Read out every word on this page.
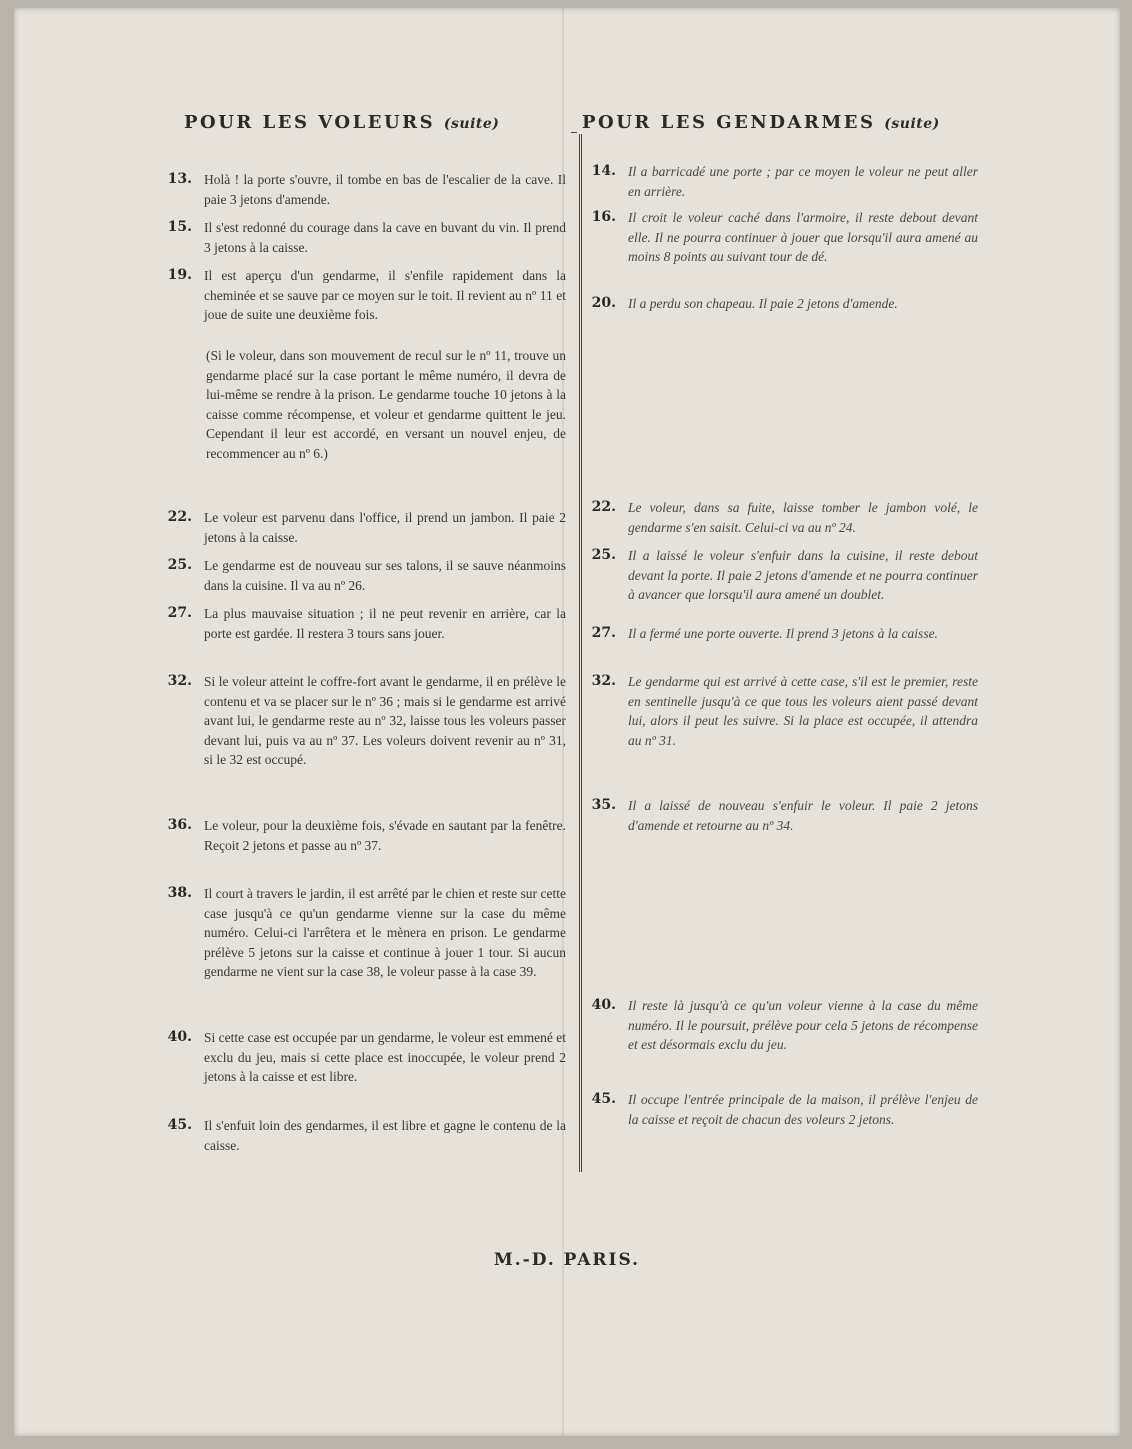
POUR LES VOLEURS (suite)
13. Holà ! la porte s'ouvre, il tombe en bas de l'escalier de la cave. Il paie 3 jetons d'amende.
15. Il s'est redonné du courage dans la cave en buvant du vin. Il prend 3 jetons à la caisse.
19. Il est aperçu d'un gendarme, il s'enfile rapidement dans la cheminée et se sauve par ce moyen sur le toit. Il revient au nº 11 et joue de suite une deuxième fois.
(Si le voleur, dans son mouvement de recul sur le nº 11, trouve un gendarme placé sur la case portant le même numéro, il devra de lui-même se rendre à la prison. Le gendarme touche 10 jetons à la caisse comme récompense, et voleur et gendarme quittent le jeu. Cependant il leur est accordé, en versant un nouvel enjeu, de recommencer au nº 6.)
22. Le voleur est parvenu dans l'office, il prend un jambon. Il paie 2 jetons à la caisse.
25. Le gendarme est de nouveau sur ses talons, il se sauve néanmoins dans la cuisine. Il va au nº 26.
27. La plus mauvaise situation ; il ne peut revenir en arrière, car la porte est gardée. Il restera 3 tours sans jouer.
32. Si le voleur atteint le coffre-fort avant le gendarme, il en prélève le contenu et va se placer sur le nº 36 ; mais si le gendarme est arrivé avant lui, le gendarme reste au nº 32, laisse tous les voleurs passer devant lui, puis va au nº 37. Les voleurs doivent revenir au nº 31, si le 32 est occupé.
36. Le voleur, pour la deuxième fois, s'évade en sautant par la fenêtre. Reçoit 2 jetons et passe au nº 37.
38. Il court à travers le jardin, il est arrêté par le chien et reste sur cette case jusqu'à ce qu'un gendarme vienne sur la case du même numéro. Celui-ci l'arrêtera et le mènera en prison. Le gendarme prélève 5 jetons sur la caisse et continue à jouer 1 tour. Si aucun gendarme ne vient sur la case 38, le voleur passe à la case 39.
40. Si cette case est occupée par un gendarme, le voleur est emmené et exclu du jeu, mais si cette place est inoccupée, le voleur prend 2 jetons à la caisse et est libre.
45. Il s'enfuit loin des gendarmes, il est libre et gagne le contenu de la caisse.
POUR LES GENDARMES (suite)
14. Il a barricadé une porte ; par ce moyen le voleur ne peut aller en arrière.
16. Il croit le voleur caché dans l'armoire, il reste debout devant elle. Il ne pourra continuer à jouer que lorsqu'il aura amené au moins 8 points au suivant tour de dé.
20. Il a perdu son chapeau. Il paie 2 jetons d'amende.
22. Le voleur, dans sa fuite, laisse tomber le jambon volé, le gendarme s'en saisit. Celui-ci va au nº 24.
25. Il a laissé le voleur s'enfuir dans la cuisine, il reste debout devant la porte. Il paie 2 jetons d'amende et ne pourra continuer à avancer que lorsqu'il aura amené un doublet.
27. Il a fermé une porte ouverte. Il prend 3 jetons à la caisse.
32. Le gendarme qui est arrivé à cette case, s'il est le premier, reste en sentinelle jusqu'à ce que tous les voleurs aient passé devant lui, alors il peut les suivre. Si la place est occupée, il attendra au nº 31.
35. Il a laissé de nouveau s'enfuir le voleur. Il paie 2 jetons d'amende et retourne au nº 34.
40. Il reste là jusqu'à ce qu'un voleur vienne à la case du même numéro. Il le poursuit, prélève pour cela 5 jetons de récompense et est désormais exclu du jeu.
45. Il occupe l'entrée principale de la maison, il prélève l'enjeu de la caisse et reçoit de chacun des voleurs 2 jetons.
M.-D. PARIS.
